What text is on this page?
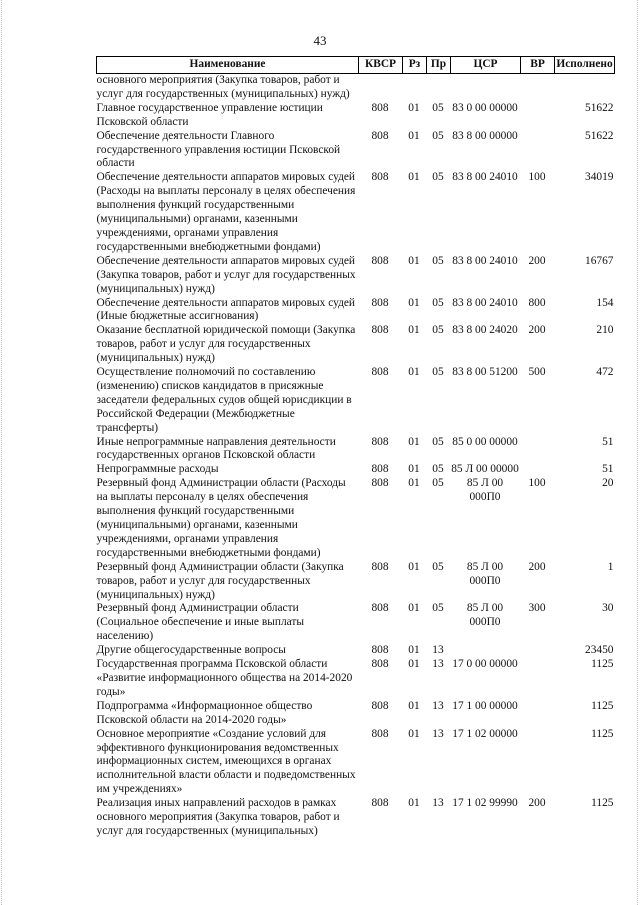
43
Наименование	КВСР	Рз	Пр	ЦСР	ВР	Исполнено
основного мероприятия (Закупка товаров, работ и услуг для государственных (муниципальных) нужд)						
Главное государственное управление юстиции Псковской области	808	01	05	83 0 00 00000		51622
Обеспечение деятельности Главного государственного управления юстиции Псковской области	808	01	05	83 8 00 00000		51622
Обеспечение деятельности аппаратов мировых судей (Расходы на выплаты персоналу в целях обеспечения выполнения функций государственными (муниципальными) органами, казенными учреждениями, органами управления государственными внебюджетными фондами)	808	01	05	83 8 00 24010	100	34019
Обеспечение деятельности аппаратов мировых судей (Закупка товаров, работ и услуг для государственных (муниципальных) нужд)	808	01	05	83 8 00 24010	200	16767
Обеспечение деятельности аппаратов мировых судей (Иные бюджетные ассигнования)	808	01	05	83 8 00 24010	800	154
Оказание бесплатной юридической помощи (Закупка товаров, работ и услуг для государственных (муниципальных) нужд)	808	01	05	83 8 00 24020	200	210
Осуществление полномочий по составлению (изменению) списков кандидатов в присяжные заседатели федеральных судов общей юрисдикции в Российской Федерации (Межбюджетные трансферты)	808	01	05	83 8 00 51200	500	472
Иные непрограммные направления деятельности государственных органов Псковской области	808	01	05	85 0 00 00000		51
Непрограммные расходы	808	01	05	85 Л 00 00000		51
Резервный фонд Администрации области (Расходы на выплаты персоналу в целях обеспечения выполнения функций государственными (муниципальными) органами, казенными учреждениями, органами управления государственными внебюджетными фондами)	808	01	05	85 Л 00 000П0	100	20
Резервный фонд Администрации области (Закупка товаров, работ и услуг для государственных (муниципальных) нужд)	808	01	05	85 Л 00 000П0	200	1
Резервный фонд Администрации области (Социальное обеспечение и иные выплаты населению)	808	01	05	85 Л 00 000П0	300	30
Другие общегосударственные вопросы	808	01	13			23450
Государственная программа Псковской области «Развитие информационного общества на 2014-2020 годы»	808	01	13	17 0 00 00000		1125
Подпрограмма «Информационное общество Псковской области на 2014-2020 годы»	808	01	13	17 1 00 00000		1125
Основное мероприятие «Создание условий для эффективного функционирования ведомственных информационных систем, имеющихся в органах исполнительной власти области и подведомственных им учреждениях»	808	01	13	17 1 02 00000		1125
Реализация иных направлений расходов в рамках основного мероприятия (Закупка товаров, работ и услуг для государственных (муниципальных)	808	01	13	17 1 02 99990	200	1125
